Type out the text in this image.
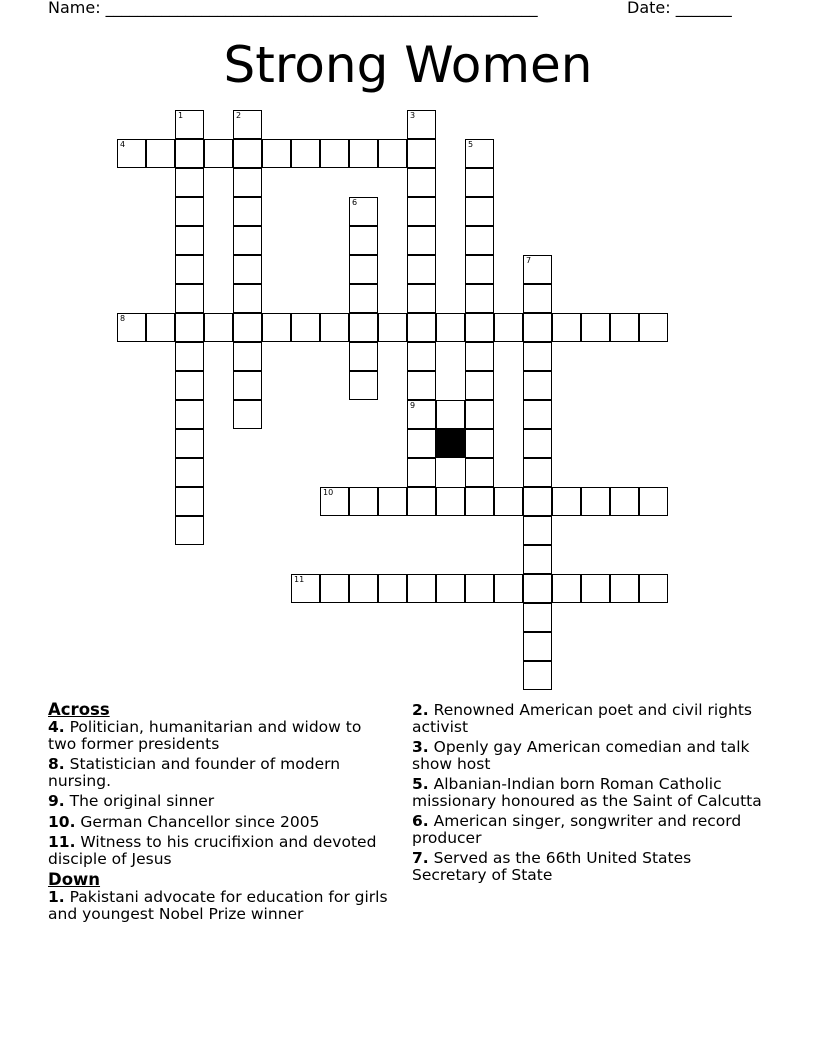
Name: ______________________________________________________	Date: _______
Strong Women
4
8
9
10
11
1	2	3
5
6
7
Across
4. Politician, humanitarian and widow to two former presidents
8. Statistician and founder of modern nursing.
9. The original sinner
10. German Chancellor since 2005
11. Witness to his crucifixion and devoted disciple of Jesus
Down
1. Pakistani advocate for education for girls and youngest Nobel Prize winner
2. Renowned American poet and civil rights activist
3. Openly gay American comedian and talk show host
5. Albanian-Indian born Roman Catholic missionary honoured as the Saint of Calcutta
6. American singer, songwriter and record producer
7. Served as the 66th United States Secretary of State
